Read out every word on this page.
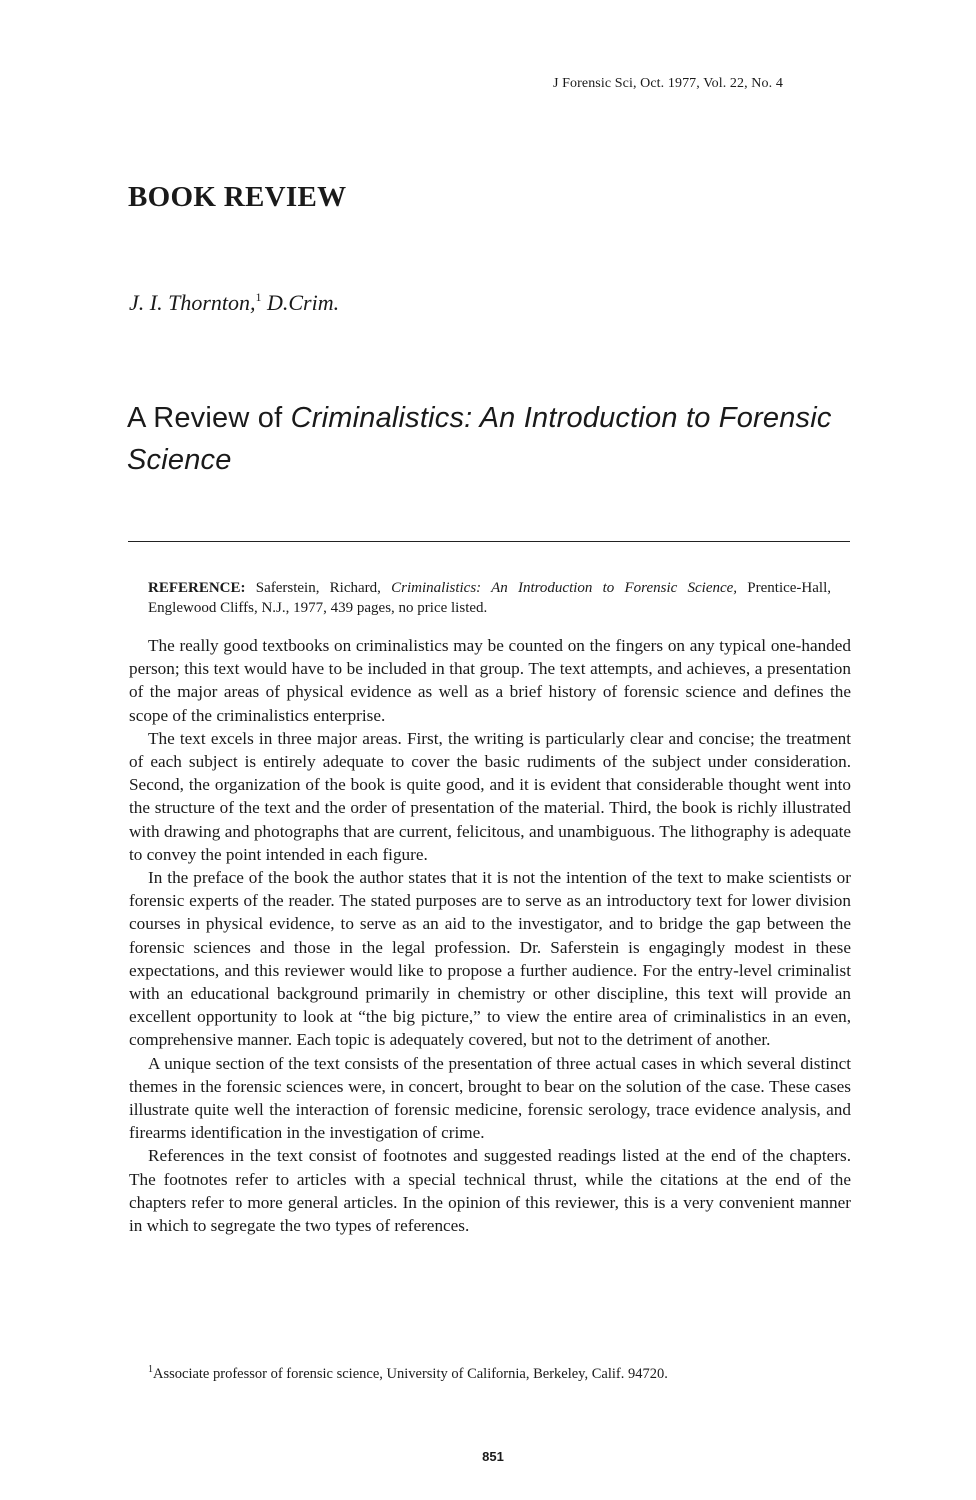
J Forensic Sci, Oct. 1977, Vol. 22, No. 4
BOOK REVIEW
J. I. Thornton,$^1$ D.Crim.
A Review of Criminalistics: An Introduction to Forensic Science
REFERENCE: Saferstein, Richard, Criminalistics: An Introduction to Forensic Science, Prentice-Hall, Englewood Cliffs, N.J., 1977, 439 pages, no price listed.

The really good textbooks on criminalistics may be counted on the fingers on any typical one-handed person; this text would have to be included in that group. The text attempts, and achieves, a presentation of the major areas of physical evidence as well as a brief history of forensic science and defines the scope of the criminalistics enterprise.

The text excels in three major areas. First, the writing is particularly clear and concise; the treatment of each subject is entirely adequate to cover the basic rudiments of the subject under consideration. Second, the organization of the book is quite good, and it is evident that considerable thought went into the structure of the text and the order of presentation of the material. Third, the book is richly illustrated with drawing and photographs that are current, felicitous, and unambiguous. The lithography is adequate to convey the point intended in each figure.

In the preface of the book the author states that it is not the intention of the text to make scientists or forensic experts of the reader. The stated purposes are to serve as an introductory text for lower division courses in physical evidence, to serve as an aid to the investigator, and to bridge the gap between the forensic sciences and those in the legal profession. Dr. Saferstein is engagingly modest in these expectations, and this reviewer would like to propose a further audience. For the entry-level criminalist with an educational background primarily in chemistry or other discipline, this text will provide an excellent opportunity to look at “the big picture,” to view the entire area of criminalistics in an even, comprehensive manner. Each topic is adequately covered, but not to the detriment of another.

A unique section of the text consists of the presentation of three actual cases in which several distinct themes in the forensic sciences were, in concert, brought to bear on the solution of the case. These cases illustrate quite well the interaction of forensic medicine, forensic serology, trace evidence analysis, and firearms identification in the investigation of crime.

References in the text consist of footnotes and suggested readings listed at the end of the chapters. The footnotes refer to articles with a special technical thrust, while the citations at the end of the chapters refer to more general articles. In the opinion of this reviewer, this is a very convenient manner in which to segregate the two types of references.

$^1$Associate professor of forensic science, University of California, Berkeley, Calif. 94720.
851
